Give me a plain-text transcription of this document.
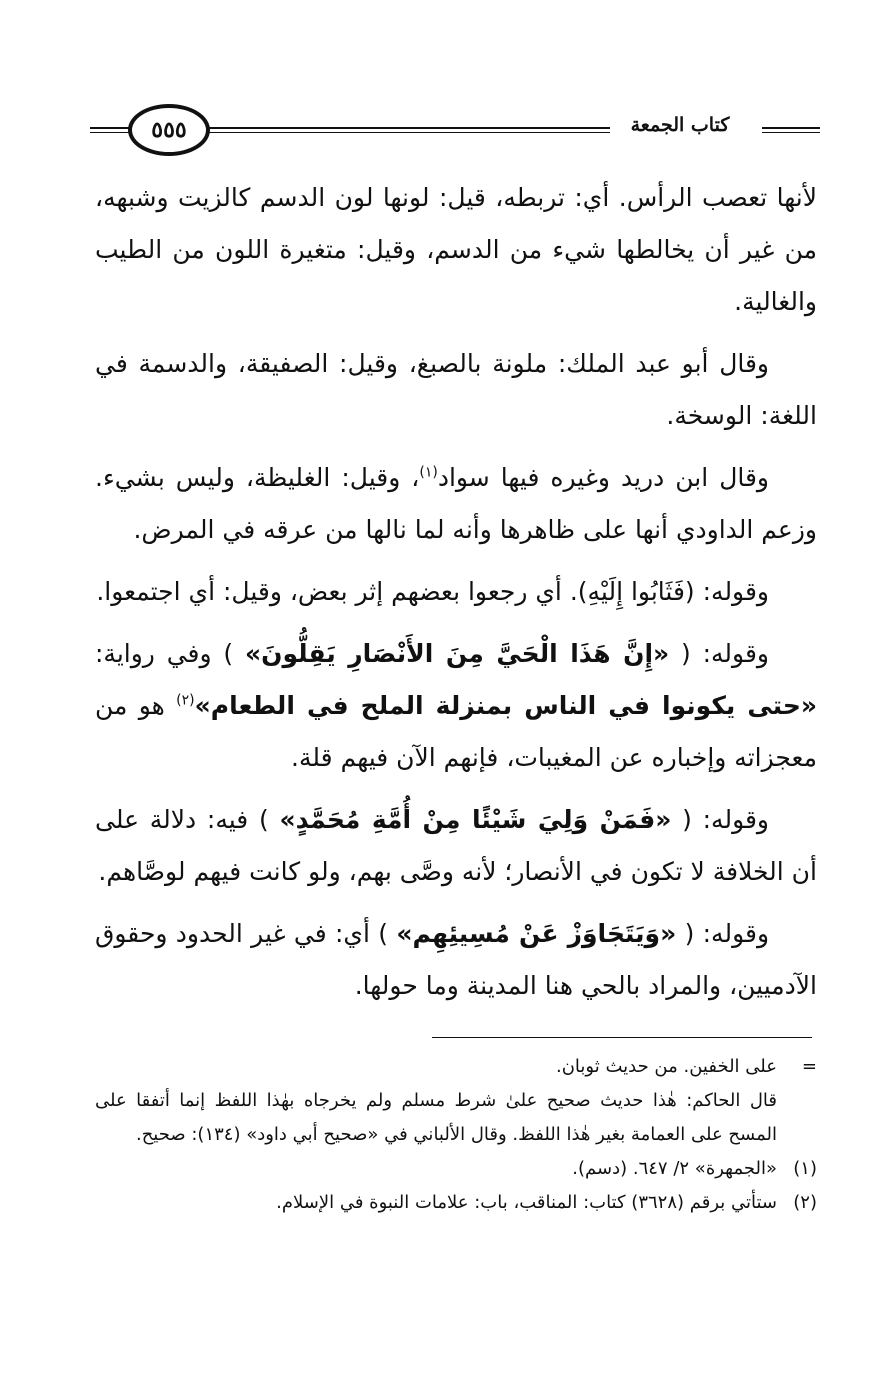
٥٥٥	كتاب الجمعة

لأنها تعصب الرأس. أي: تربطه، قيل: لونها لون الدسم كالزيت وشبهه، من غير أن يخالطها شيء من الدسم، وقيل: متغيرة اللون من الطيب والغالية.

وقال أبو عبد الملك: ملونة بالصبغ، وقيل: الصفيقة، والدسمة في اللغة: الوسخة.

وقال ابن دريد وغيره فيها سواد$^{(١)}$، وقيل: الغليظة، وليس بشيء. وزعم الداودي أنها على ظاهرها وأنه لما نالها من عرقه في المرض.

وقوله: (فَثَابُوا إِلَيْهِ). أي رجعوا بعضهم إثر بعض، وقيل: أي اجتمعوا.

وقوله: ( «إِنَّ هَذَا الْحَيَّ مِنَ الأَنْصَارِ يَقِلُّونَ» ) وفي رواية: «حتى يكونوا في الناس بمنزلة الملح في الطعام»$^{(٢)}$ هو من معجزاته وإخباره عن المغيبات، فإنهم الآن فيهم قلة.

وقوله: ( «فَمَنْ وَلِيَ شَيْئًا مِنْ أُمَّةِ مُحَمَّدٍ» ) فيه: دلالة على أن الخلافة لا تكون في الأنصار؛ لأنه وصَّى بهم، ولو كانت فيهم لوصَّاهم.

وقوله: ( «وَيَتَجَاوَزْ عَنْ مُسِيئِهِم» ) أي: في غير الحدود وحقوق الآدميين، والمراد بالحي هنا المدينة وما حولها.

=
على الخفين. من حديث ثوبان.
قال الحاكم: هٰذا حديث صحيح علىٰ شرط مسلم ولم يخرجاه بهٰذا اللفظ إنما أتفقا على المسح على العمامة بغير هٰذا اللفظ. وقال الألباني في «صحيح أبي داود» (١٣٤): صحيح.
(١)
«الجمهرة» ٢/ ٦٤٧. (دسم).
(٢)
ستأتي برقم (٣٦٢٨) كتاب: المناقب، باب: علامات النبوة في الإسلام.
